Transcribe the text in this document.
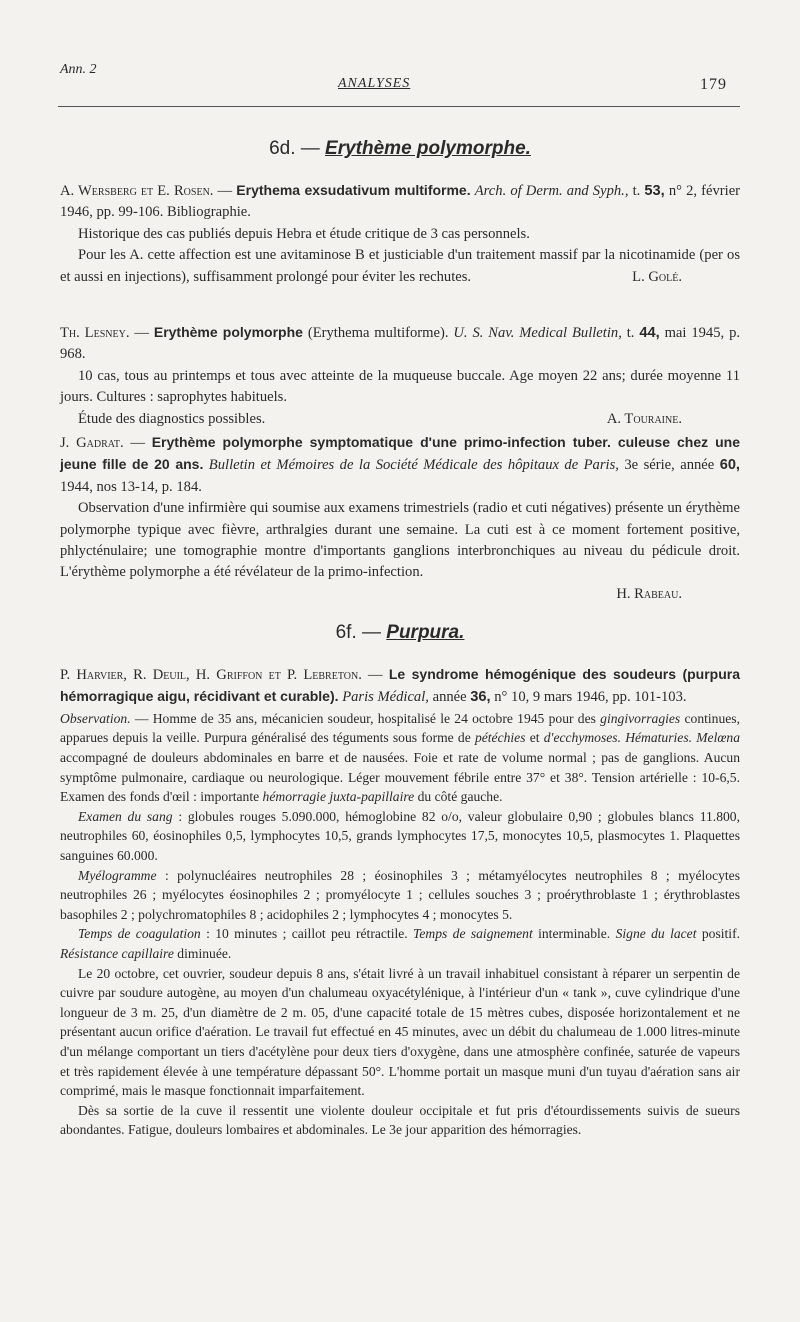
Ann. 2
ANALYSES	179
6d. — Erythème polymorphe.

A. Wersberg et E. Rosen. — Erythema exsudativum multiforme. Arch. of Derm. and Syph., t. 53, n° 2, février 1946, pp. 99-106. Bibliographie.

Historique des cas publiés depuis Hebra et étude critique de 3 cas personnels.

Pour les A. cette affection est une avitaminose B et justiciable d'un traitement massif par la nicotinamide (per os et aussi en injections), suffisamment prolongé pour éviter les rechutes.	L. Golé.

Th. Lesney. — Erythème polymorphe (Erythema multiforme). U. S. Nav. Medical Bulletin, t. 44, mai 1945, p. 968.

10 cas, tous au printemps et tous avec atteinte de la muqueuse buccale. Age moyen 22 ans; durée moyenne 11 jours. Cultures : saprophytes habituels.

Étude des diagnostics possibles.	A. Touraine.

J. Gadrat. — Erythème polymorphe symptomatique d'une primo-infection tuber. culeuse chez une jeune fille de 20 ans. Bulletin et Mémoires de la Société Médicale des hôpitaux de Paris, 3e série, année 60, 1944, nos 13-14, p. 184.

Observation d'une infirmière qui soumise aux examens trimestriels (radio et cuti négatives) présente un érythème polymorphe typique avec fièvre, arthralgies durant une semaine. La cuti est à ce moment fortement positive, phlycténulaire; une tomographie montre d'importants ganglions interbronchiques au niveau du pédicule droit. L'érythème polymorphe a été révélateur de la primo-infection.

H. Rabeau.

6f. — Purpura.

P. Harvier, R. Deuil, H. Griffon et P. Lebreton. — Le syndrome hémogénique des soudeurs (purpura hémorragique aigu, récidivant et curable). Paris Médical, année 36, n° 10, 9 mars 1946, pp. 101-103.

Observation. — Homme de 35 ans, mécanicien soudeur, hospitalisé le 24 octobre 1945 pour des gingivorragies continues, apparues depuis la veille. Purpura généralisé des téguments sous forme de pétéchies et d'ecchymoses. Hématuries. Melœna accompagné de douleurs abdominales en barre et de nausées. Foie et rate de volume normal ; pas de ganglions. Aucun symptôme pulmonaire, cardiaque ou neurologique. Léger mouvement fébrile entre 37° et 38°. Tension artérielle : 10-6,5. Examen des fonds d'œil : importante hémorragie juxta-papillaire du côté gauche.

Examen du sang : globules rouges 5.090.000, hémoglobine 82 o/o, valeur globulaire 0,90 ; globules blancs 11.800, neutrophiles 60, éosinophiles 0,5, lymphocytes 10,5, grands lymphocytes 17,5, monocytes 10,5, plasmocytes 1. Plaquettes sanguines 60.000.

Myélogramme : polynucléaires neutrophiles 28 ; éosinophiles 3 ; métamyélocytes neutrophiles 8 ; myélocytes neutrophiles 26 ; myélocytes éosinophiles 2 ; promyélocyte 1 ; cellules souches 3 ; proérythroblaste 1 ; érythroblastes basophiles 2 ; polychromatophiles 8 ; acidophiles 2 ; lymphocytes 4 ; monocytes 5.

Temps de coagulation : 10 minutes ; caillot peu rétractile. Temps de saignement interminable. Signe du lacet positif. Résistance capillaire diminuée.

Le 20 octobre, cet ouvrier, soudeur depuis 8 ans, s'était livré à un travail inhabituel consistant à réparer un serpentin de cuivre par soudure autogène, au moyen d'un chalumeau oxyacétylénique, à l'intérieur d'un « tank », cuve cylindrique d'une longueur de 3 m. 25, d'un diamètre de 2 m. 05, d'une capacité totale de 15 mètres cubes, disposée horizontalement et ne présentant aucun orifice d'aération. Le travail fut effectué en 45 minutes, avec un débit du chalumeau de 1.000 litres-minute d'un mélange comportant un tiers d'acétylène pour deux tiers d'oxygène, dans une atmosphère confinée, saturée de vapeurs et très rapidement élevée à une température dépassant 50°. L'homme portait un masque muni d'un tuyau d'aération sans air comprimé, mais le masque fonctionnait imparfaitement.

Dès sa sortie de la cuve il ressentit une violente douleur occipitale et fut pris d'étourdissements suivis de sueurs abondantes. Fatigue, douleurs lombaires et abdominales. Le 3e jour apparition des hémorragies.
